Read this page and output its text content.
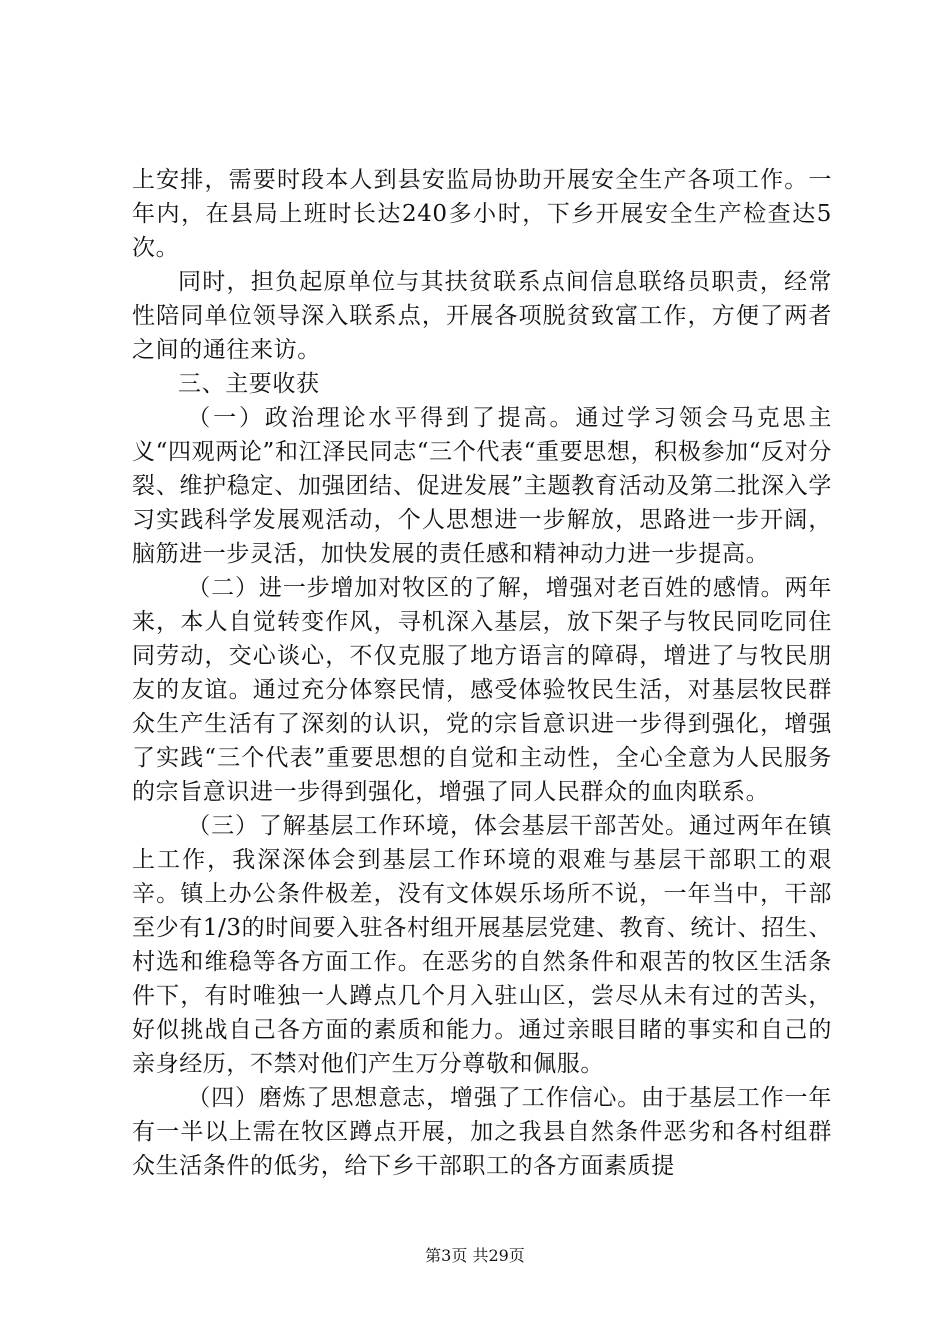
上安排，需要时段本人到县安监局协助开展安全生产各项工作。一年内，在县局上班时长达240多小时，下乡开展安全生产检查达5次。

同时，担负起原单位与其扶贫联系点间信息联络员职责，经常性陪同单位领导深入联系点，开展各项脱贫致富工作，方便了两者之间的通往来访。

三、主要收获

（一）政治理论水平得到了提高。通过学习领会马克思主义“四观两论”和江泽民同志“三个代表“重要思想，积极参加“反对分裂、维护稳定、加强团结、促进发展”主题教育活动及第二批深入学习实践科学发展观活动，个人思想进一步解放，思路进一步开阔，脑筋进一步灵活，加快发展的责任感和精神动力进一步提高。

（二）进一步增加对牧区的了解，增强对老百姓的感情。两年来，本人自觉转变作风，寻机深入基层，放下架子与牧民同吃同住同劳动，交心谈心，不仅克服了地方语言的障碍，增进了与牧民朋友的友谊。通过充分体察民情，感受体验牧民生活，对基层牧民群众生产生活有了深刻的认识，党的宗旨意识进一步得到强化，增强了实践“三个代表”重要思想的自觉和主动性，全心全意为人民服务的宗旨意识进一步得到强化，增强了同人民群众的血肉联系。

（三）了解基层工作环境，体会基层干部苦处。通过两年在镇上工作，我深深体会到基层工作环境的艰难与基层干部职工的艰辛。镇上办公条件极差，没有文体娱乐场所不说，一年当中，干部至少有1/3的时间要入驻各村组开展基层党建、教育、统计、招生、村选和维稳等各方面工作。在恶劣的自然条件和艰苦的牧区生活条件下，有时唯独一人蹲点几个月入驻山区，尝尽从未有过的苦头，好似挑战自己各方面的素质和能力。通过亲眼目睹的事实和自己的亲身经历，不禁对他们产生万分尊敬和佩服。

（四）磨炼了思想意志，增强了工作信心。由于基层工作一年有一半以上需在牧区蹲点开展，加之我县自然条件恶劣和各村组群众生活条件的低劣，给下乡干部职工的各方面素质提

第3页 共29页
